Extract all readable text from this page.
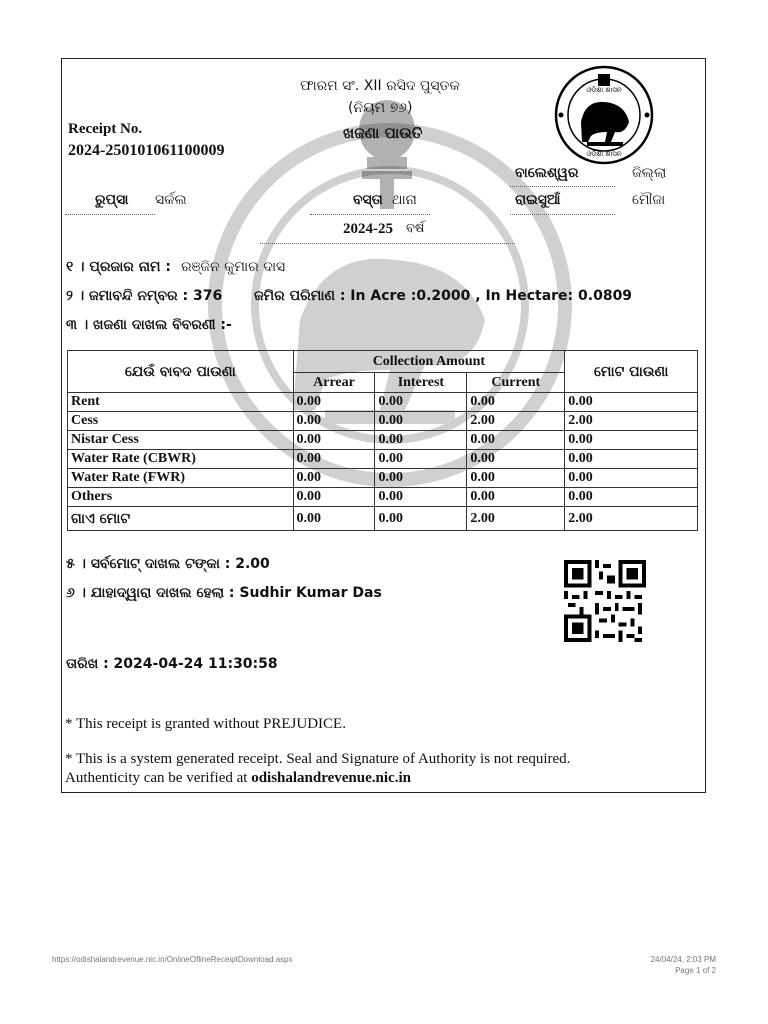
ଫାରମ ସଂ. XII ରସିଦ ପୁସ୍ତକ
(ନିୟମ ୭୬)
ଖଜଣା ପାଉତି
Receipt No.
2024-250101061100009
ଓଡ଼ିଶା ଶାସନ
ଓଡ଼ିଶା ଶାସନ
ବାଲେଶ୍ୱର	ଜିଲ୍ଲା
ରୁପ୍ସା ସର୍କଲ	ବସ୍ତା ଥାନା	ରାଇସୁଆଁ	ମୌଜା
2024-25 ବର୍ଷ
୧ । ପ୍ରଜାର ନାମ : ରଞ୍ଜିନ କୁମାର ଦାସ
୨ । ଜମାବନ୍ଦି ନମ୍ବର : 376 ଜମିର ପରିମାଣ : In Acre :0.2000 , In Hectare: 0.0809
୩ । ଖଜଣା ଦାଖଲ ବିବରଣୀ :-
ଯେଉଁ ବାବଦ ପାଉଣା	Collection Amount			ମୋଟ ପାଉଣା
	Arrear	Interest	Current	
Rent	0.00	0.00	0.00	0.00
Cess	0.00	0.00	2.00	2.00
Nistar Cess	0.00	0.00	0.00	0.00
Water Rate (CBWR)	0.00	0.00	0.00	0.00
Water Rate (FWR)	0.00	0.00	0.00	0.00
Others	0.00	0.00	0.00	0.00
ଗାଏ ମୋଟ	0.00	0.00	2.00	2.00
୫ । ସର୍ବମୋଟ୍ ଦାଖଲ ଟଙ୍କା : 2.00
୬ । ଯାହାଦ୍ୱାରା ଦାଖଲ ହେଲା : Sudhir Kumar Das
ତାରିଖ : 2024-04-24 11:30:58
* This receipt is granted without PREJUDICE.
* This is a system generated receipt. Seal and Signature of Authority is not required.
Authenticity can be verified at odishalandrevenue.nic.in
https://odishalandrevenue.nic.in/OnlineOflineReceiptDownload.aspx	24/04/24, 2:03 PM
Page 1 of 2
